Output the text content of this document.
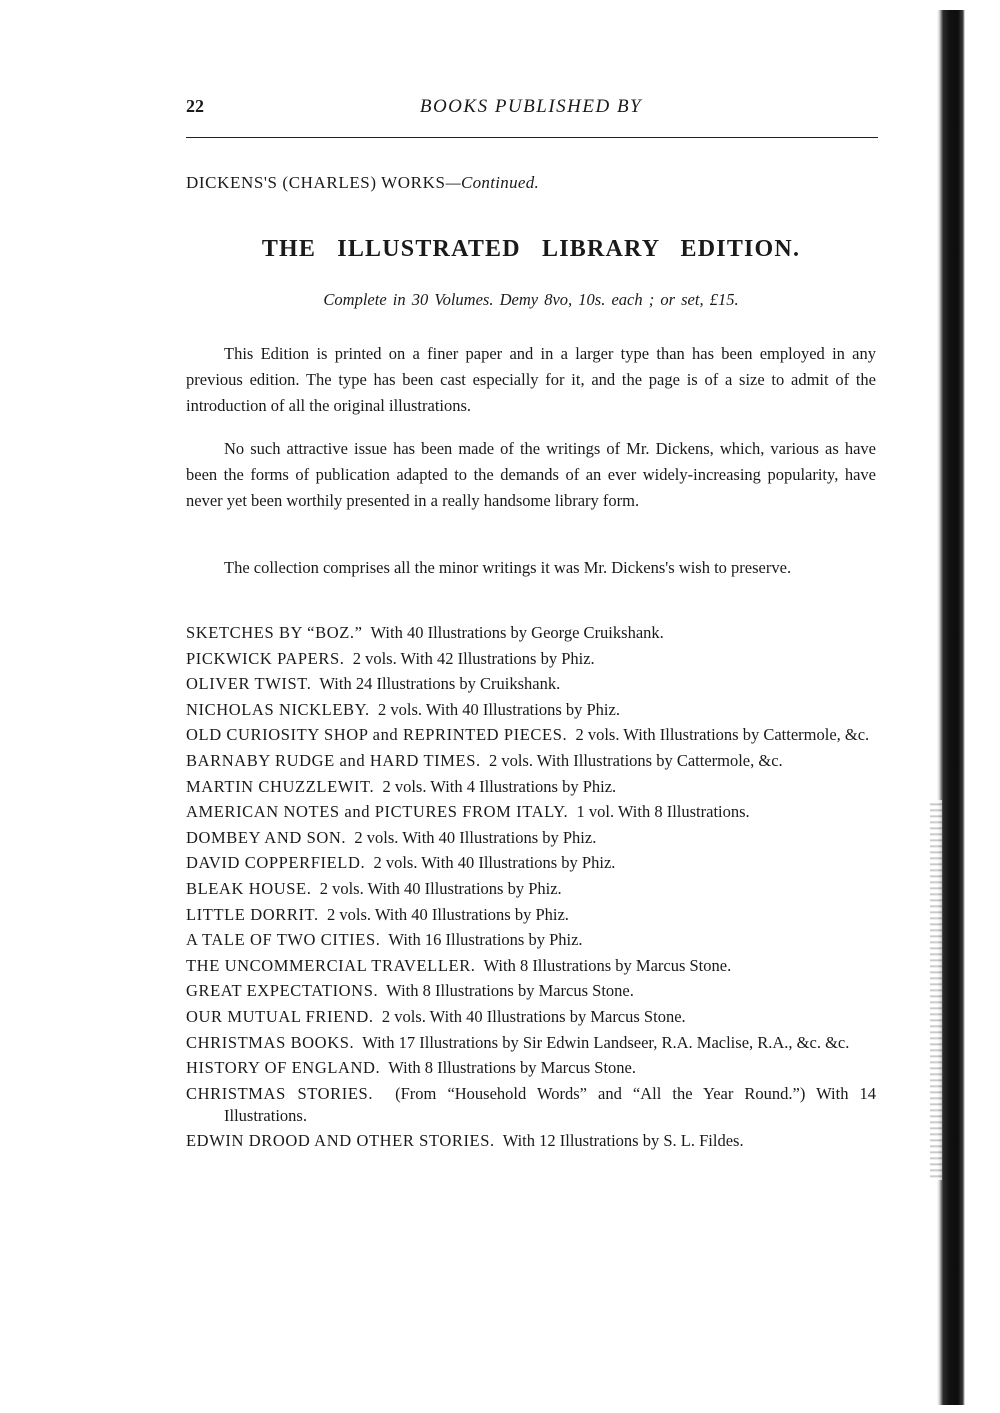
22	BOOKS PUBLISHED BY
DICKENS'S (CHARLES) WORKS—Continued.
THE ILLUSTRATED LIBRARY EDITION.
Complete in 30 Volumes. Demy 8vo, 10s. each ; or set, £15.

This Edition is printed on a finer paper and in a larger type than has been employed in any previous edition. The type has been cast especially for it, and the page is of a size to admit of the introduction of all the original illustrations.

No such attractive issue has been made of the writings of Mr. Dickens, which, various as have been the forms of publication adapted to the demands of an ever widely-increasing popularity, have never yet been worthily presented in a really handsome library form.

The collection comprises all the minor writings it was Mr. Dickens's wish to preserve.

SKETCHES BY “BOZ.” With 40 Illustrations by George Cruikshank.
PICKWICK PAPERS. 2 vols. With 42 Illustrations by Phiz.
OLIVER TWIST. With 24 Illustrations by Cruikshank.
NICHOLAS NICKLEBY. 2 vols. With 40 Illustrations by Phiz.
OLD CURIOSITY SHOP and REPRINTED PIECES. 2 vols. With Illustrations by Cattermole, &c.
BARNABY RUDGE and HARD TIMES. 2 vols. With Illustrations by Cattermole, &c.
MARTIN CHUZZLEWIT. 2 vols. With 4 Illustrations by Phiz.
AMERICAN NOTES and PICTURES FROM ITALY. 1 vol. With 8 Illustrations.
DOMBEY AND SON. 2 vols. With 40 Illustrations by Phiz.
DAVID COPPERFIELD. 2 vols. With 40 Illustrations by Phiz.
BLEAK HOUSE. 2 vols. With 40 Illustrations by Phiz.
LITTLE DORRIT. 2 vols. With 40 Illustrations by Phiz.
A TALE OF TWO CITIES. With 16 Illustrations by Phiz.
THE UNCOMMERCIAL TRAVELLER. With 8 Illustrations by Marcus Stone.
GREAT EXPECTATIONS. With 8 Illustrations by Marcus Stone.
OUR MUTUAL FRIEND. 2 vols. With 40 Illustrations by Marcus Stone.
CHRISTMAS BOOKS. With 17 Illustrations by Sir Edwin Landseer, R.A. Maclise, R.A., &c. &c.
HISTORY OF ENGLAND. With 8 Illustrations by Marcus Stone.
CHRISTMAS STORIES. (From “Household Words” and “All the Year Round.”) With 14 Illustrations.
EDWIN DROOD AND OTHER STORIES. With 12 Illustrations by S. L. Fildes.
